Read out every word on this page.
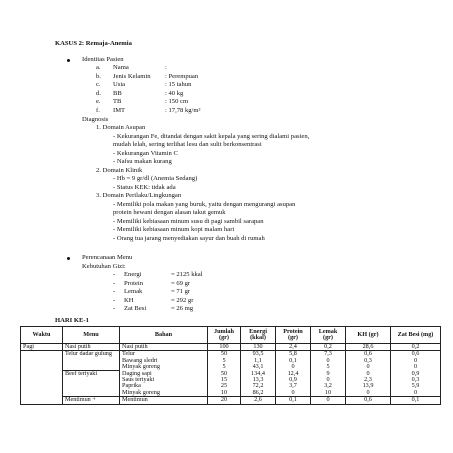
KASUS 2: Remaja-Anemia
Identitas Pasien
a. Nama	:
b. Jenis Kelamin : Perempuan
c. Usia	: 15 tahun
d. BB	: 40 kg
e. TB	: 150 cm
f. IMT	: 17,78 kg/m²
Diagnosis
1. Domain Asupan
- Kekurangan Fe, ditandai dengan sakit kepala yang sering dialami pasien,
mudah lelah, sering terlihat lesu dan sulit berkonsentrasi
- Kekurangan Vitamin C
- Nafsu makan kurang
2. Domain Klinik
- Hb = 9 gr/dl (Anemia Sedang)
- Status KEK: tidak ada
3. Domain Perilaku/Lingkungan
- Memiliki pola makan yang buruk, yaitu dengan mengurangi asupan
protein hewani dengan alasan takut gemuk
- Memiliki kebiasaan minum susu di pagi sambil sarapan
- Memiliki kebiasaan minum kopi malam hari
- Orang tua jarang menyediakan sayur dan buah di rumah
Perencanaan Menu
Kebutuhan Gizi:
- Energi	= 2125 kkal
- Protein	= 69 gr
- Lemak	= 71 gr
- KH	= 292 gr
- Zat Besi	= 26 mg
HARI KE-1
Waktu	Menu	Bahan	Jumlah (gr)	Energi (kkal)	Protein (gr)	Lemak (gr)	KH (gr)	Zat Besi (mg)
Pagi	Nasi putih	Nasi putih	100	130	2,4	0,2	28,6	0,2
	Telur dadar gulung	Telur	50	93,5	5,8	7,3	0,6	0,6
		Bawang sledri	5	1,1	0,1	0	0,3	0
		Minyak goreng	5	43,1	0	5	0	0
	Beef teriyaki	Daging sapi	50	134,4	12,4	9	0	0,9
		Saus teriyaki	15	13,3	0,9	0	2,3	0,3
		Paprika	25	72,2	3,7	3,2	13,9	5,9
		Minyak goreng	10	86,2	0	10	0	0
	Mentimun +	Mentimun	20	2,6	0,1	0	0,6	0,1
